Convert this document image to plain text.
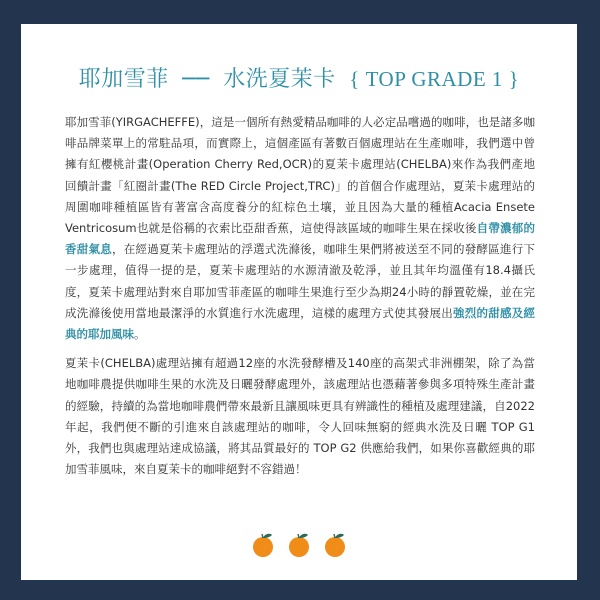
耶加雪菲 ── 水洗夏茉卡 { TOP GRADE 1 }

耶加雪菲(YIRGACHEFFE)，這是一個所有熱愛精品咖啡的人必定品嚐過的咖啡，也是諸多咖啡品牌菜單上的常駐品項，而實際上，這個產區有著數百個處理站在生產咖啡，我們選中曾擁有紅櫻桃計畫(Operation Cherry Red,OCR)的夏茉卡處理站(CHELBA)來作為我們產地回饋計畫「紅圈計畫(The RED Circle Project,TRC)」的首個合作處理站，夏茉卡處理站的周圍咖啡種植區皆有著富含高度養分的紅棕色土壤，並且因為大量的種植Acacia Ensete Ventricosum也就是俗稱的衣索比亞甜香蕉，這使得該區域的咖啡生果在採收後自帶濃郁的香甜氣息，在經過夏茉卡處理站的浮選式洗滌後，咖啡生果們將被送至不同的發酵區進行下一步處理，值得一提的是，夏茉卡處理站的水源清澈及乾淨，並且其年均溫僅有18.4攝氏度，夏茉卡處理站對來自耶加雪菲產區的咖啡生果進行至少為期24小時的靜置乾燥，並在完成洗滌後使用當地最潔淨的水質進行水洗處理，這樣的處理方式使其發展出強烈的甜感及經典的耶加風味。

夏茉卡(CHELBA)處理站擁有超過12座的水洗發酵槽及140座的高架式非洲棚架，除了為當地咖啡農提供咖啡生果的水洗及日曬發酵處理外，該處理站也憑藉著參與多項特殊生產計畫的經驗，持續的為當地咖啡農們帶來最新且讓風味更具有辨識性的種植及處理建議，自2022年起，我們便不斷的引進來自該處理站的咖啡，令人回味無窮的經典水洗及日曬 TOP G1 外，我們也與處理站達成協議，將其品質最好的 TOP G2 供應給我們，如果你喜歡經典的耶加雪菲風味，來自夏茉卡的咖啡絕對不容錯過！
